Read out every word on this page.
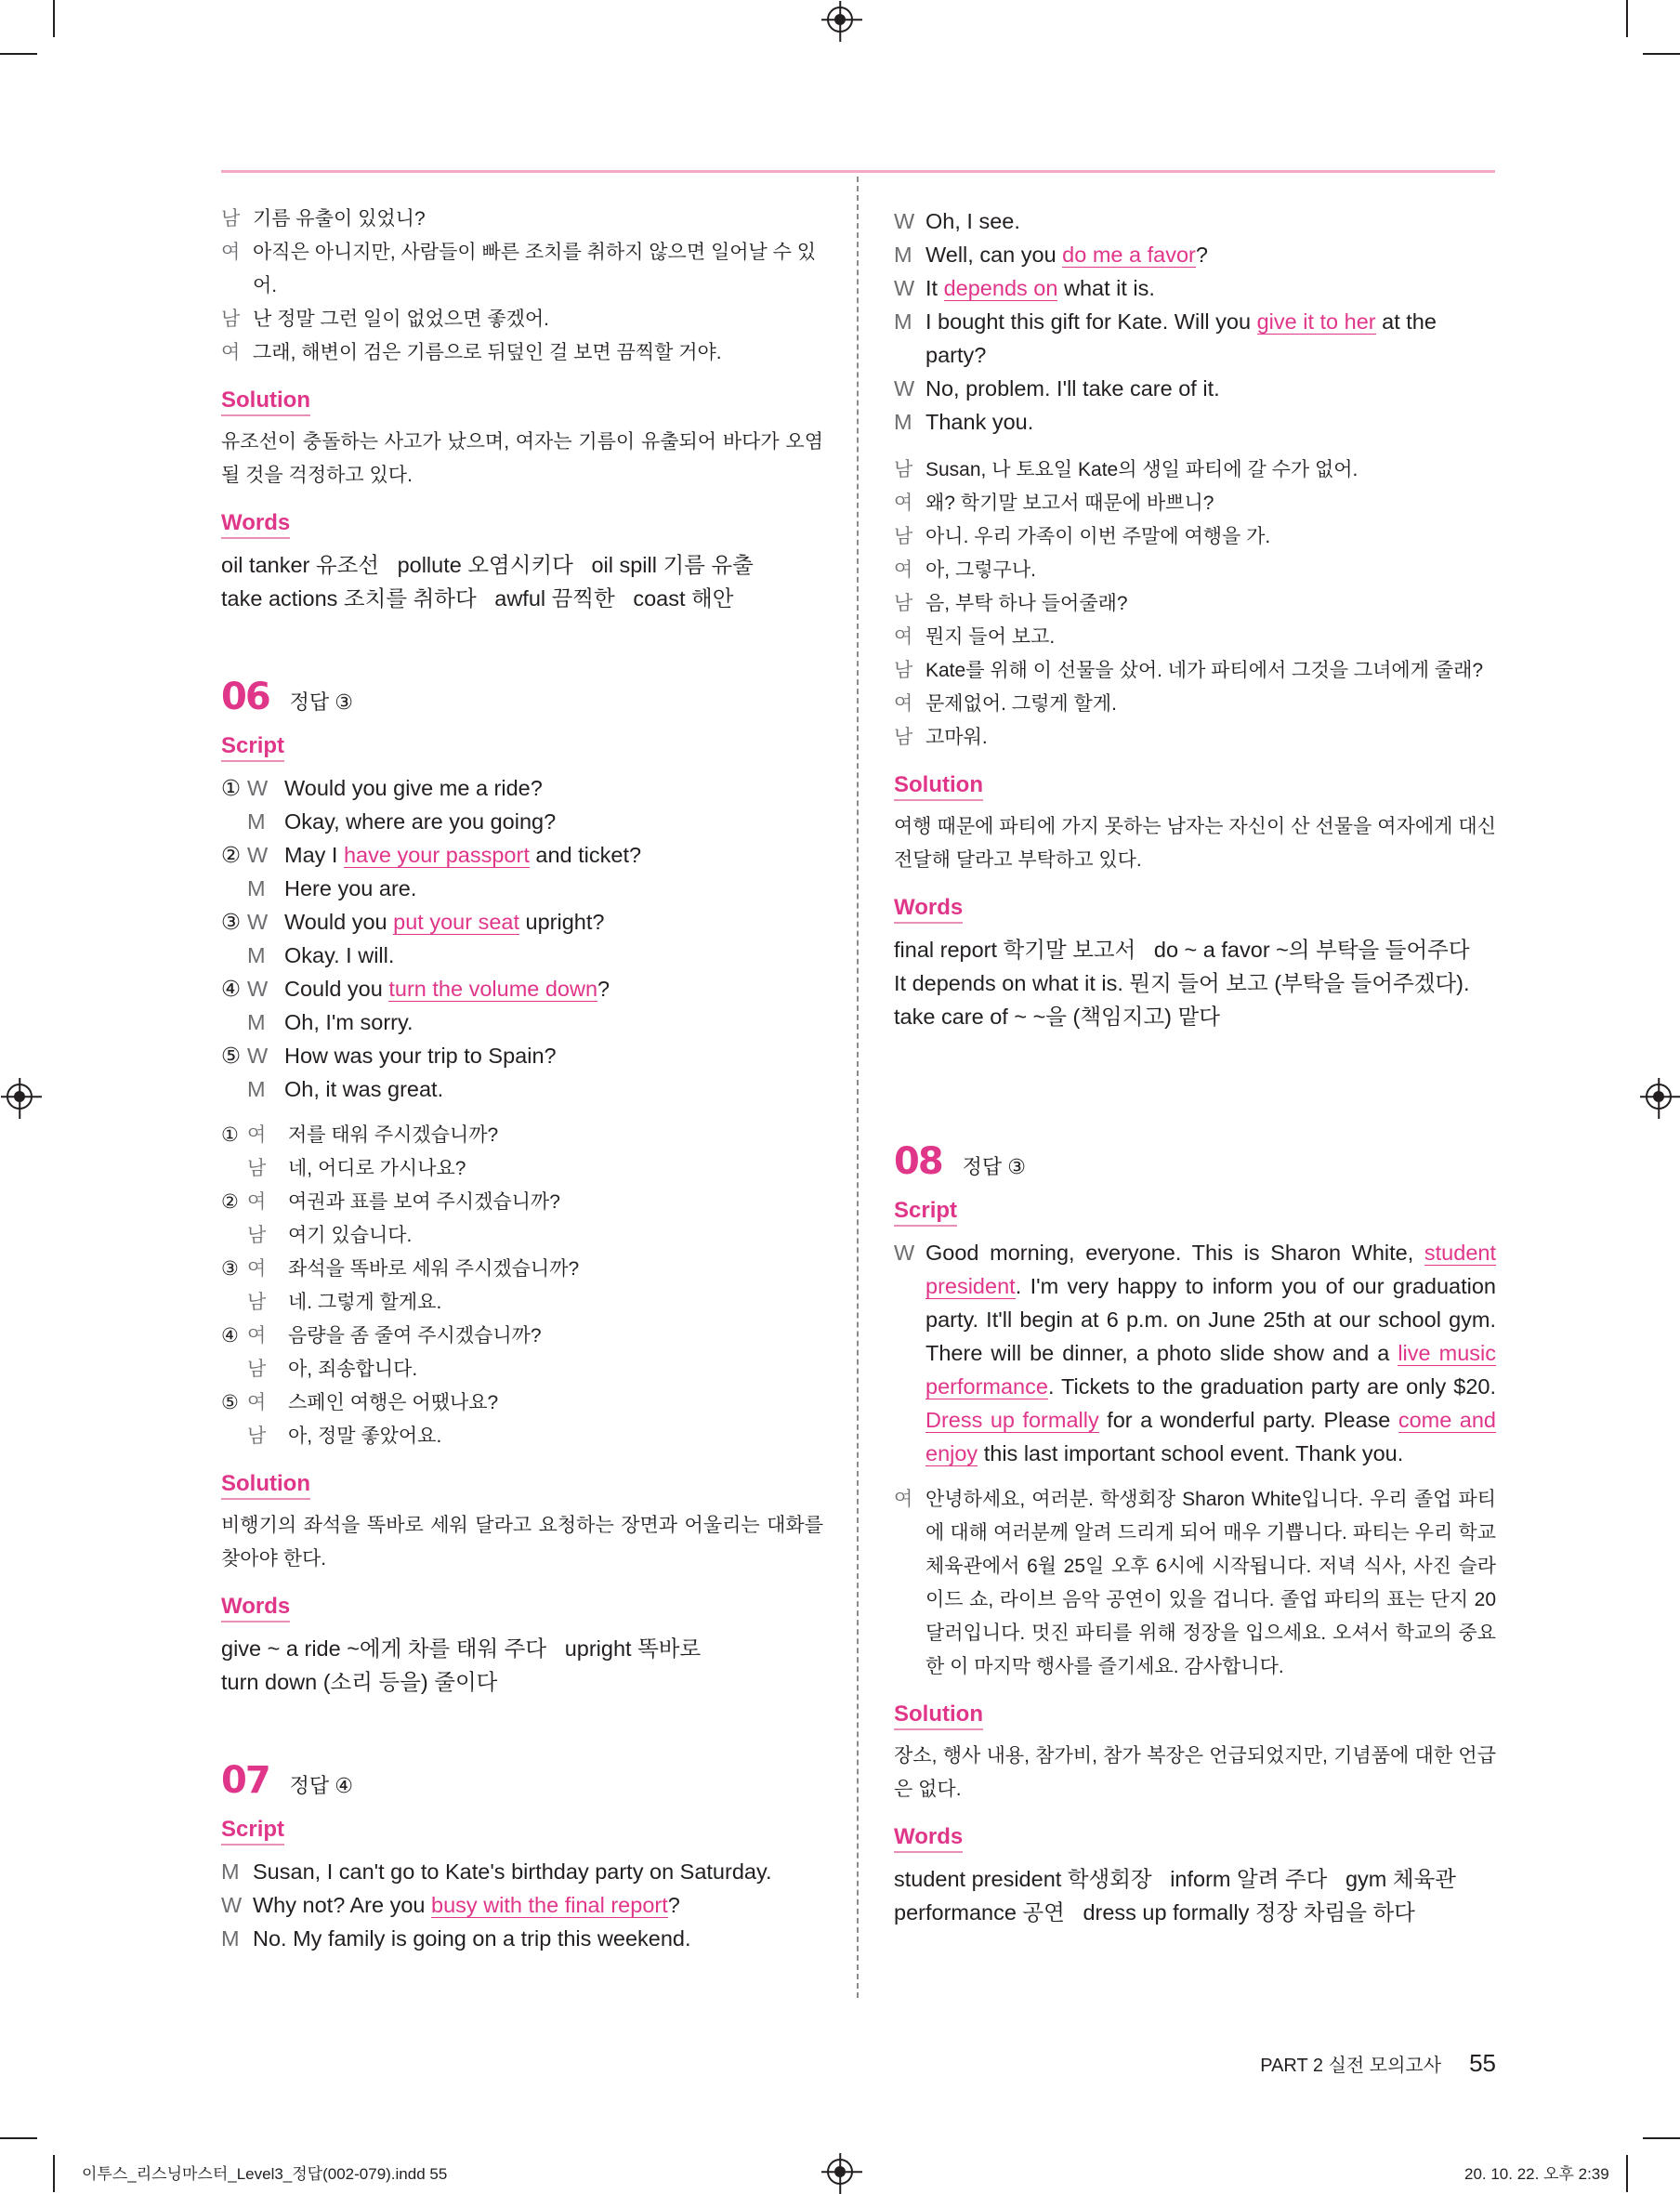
남 기름 유출이 있었니?
여 아직은 아니지만, 사람들이 빠른 조치를 취하지 않으면 일어날 수 있어.
남 난 정말 그런 일이 없었으면 좋겠어.
여 그래, 해변이 검은 기름으로 뒤덮인 걸 보면 끔찍할 거야.
Solution

유조선이 충돌하는 사고가 났으며, 여자는 기름이 유출되어 바다가 오염될 것을 걱정하고 있다.

Words

oil tanker 유조선   pollute 오염시키다   oil spill 기름 유출

take actions 조치를 취하다   awful 끔찍한   coast 해안

06 정답 ③
Script
① W Would you give me a ride?
M Okay, where are you going?
② W May I have your passport and ticket?
M Here you are.
③ W Would you put your seat upright?
M Okay. I will.
④ W Could you turn the volume down?
M Oh, I'm sorry.
⑤ W How was your trip to Spain?
M Oh, it was great.
① 여	저를 태워 주시겠습니까?
남	네, 어디로 가시나요?
② 여	여권과 표를 보여 주시겠습니까?
남	여기 있습니다.
③ 여	좌석을 똑바로 세워 주시겠습니까?
남	네. 그렇게 할게요.
④ 여	음량을 좀 줄여 주시겠습니까?
남	아, 죄송합니다.
⑤ 여	스페인 여행은 어땠나요?
남	아, 정말 좋았어요.
Solution

비행기의 좌석을 똑바로 세워 달라고 요청하는 장면과 어울리는 대화를 찾아야 한다.

Words

give ~ a ride ~에게 차를 태워 주다   upright 똑바로

turn down (소리 등을) 줄이다

07 정답 ④
Script
M Susan, I can't go to Kate's birthday party on Saturday.
W Why not? Are you busy with the final report?
M No. My family is going on a trip this weekend.
W Oh, I see.
M Well, can you do me a favor?
W It depends on what it is.
M I bought this gift for Kate. Will you give it to her at the party?
W No, problem. I'll take care of it.
M Thank you.
남 Susan, 나 토요일 Kate의 생일 파티에 갈 수가 없어.
여 왜? 학기말 보고서 때문에 바쁘니?
남 아니. 우리 가족이 이번 주말에 여행을 가.
여 아, 그렇구나.
남 음, 부탁 하나 들어줄래?
여 뭔지 들어 보고.
남 Kate를 위해 이 선물을 샀어. 네가 파티에서 그것을 그녀에게 줄래?
여 문제없어. 그렇게 할게.
남 고마워.
Solution

여행 때문에 파티에 가지 못하는 남자는 자신이 산 선물을 여자에게 대신 전달해 달라고 부탁하고 있다.

Words

final report 학기말 보고서   do ~ a favor ~의 부탁을 들어주다

It depends on what it is. 뭔지 들어 보고 (부탁을 들어주겠다).

take care of ~ ~을 (책임지고) 맡다

08 정답 ③
Script
W Good morning, everyone. This is Sharon White, student president. I'm very happy to inform you of our graduation party. It'll begin at 6 p.m. on June 25th at our school gym. There will be dinner, a photo slide show and a live music performance. Tickets to the graduation party are only $20. Dress up formally for a wonderful party. Please come and enjoy this last important school event. Thank you.
여 안녕하세요, 여러분. 학생회장 Sharon White입니다. 우리 졸업 파티에 대해 여러분께 알려 드리게 되어 매우 기쁩니다. 파티는 우리 학교 체육관에서 6월 25일 오후 6시에 시작됩니다. 저녁 식사, 사진 슬라이드 쇼, 라이브 음악 공연이 있을 겁니다. 졸업 파티의 표는 단지 20달러입니다. 멋진 파티를 위해 정장을 입으세요. 오셔서 학교의 중요한 이 마지막 행사를 즐기세요. 감사합니다.
Solution

장소, 행사 내용, 참가비, 참가 복장은 언급되었지만, 기념품에 대한 언급은 없다.

Words

student president 학생회장   inform 알려 주다   gym 체육관

performance 공연   dress up formally 정장 차림을 하다

PART 2 실전 모의고사 55
이투스_리스닝마스터_Level3_정답(002-079).indd 55	20. 10. 22. 오후 2:39
